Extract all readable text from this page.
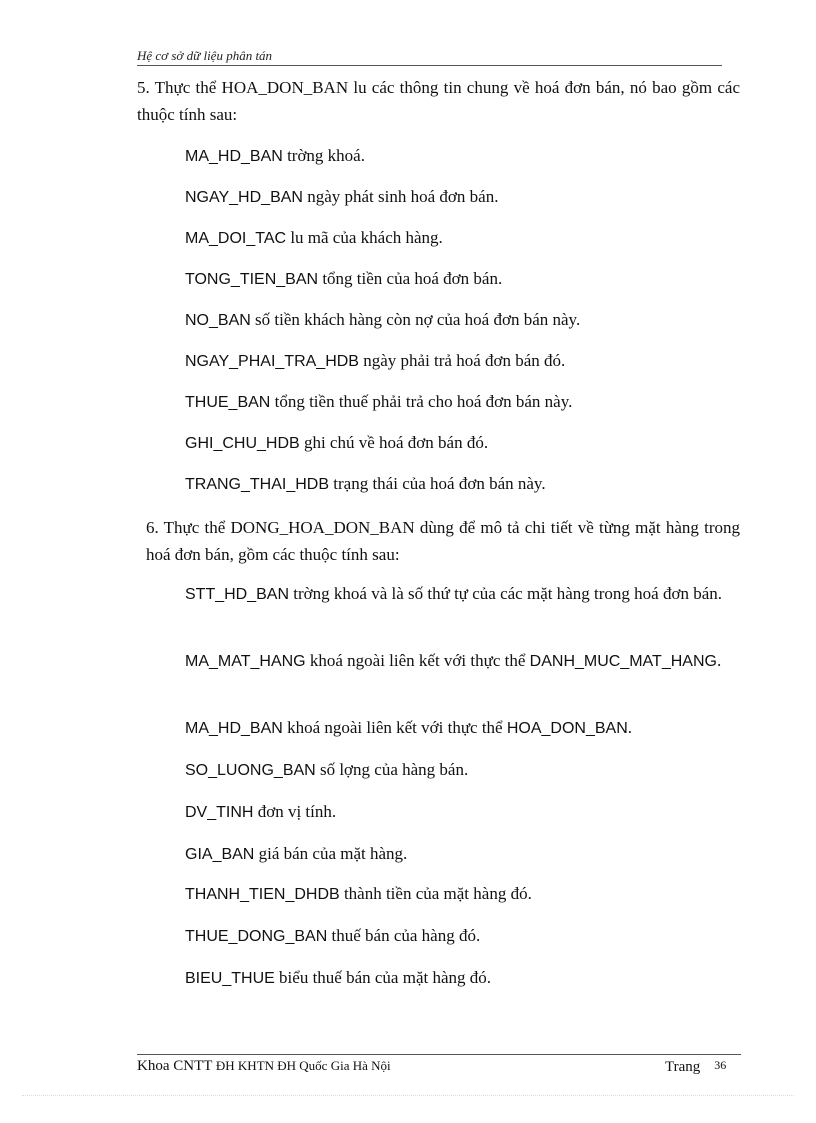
Hệ cơ sở dữ liệu phân tán
5. Thực thể HOA_DON_BAN lu các thông tin chung về hoá đơn bán, nó bao gồm các thuộc tính sau:
MA_HD_BAN trờng khoá.
NGAY_HD_BAN ngày phát sinh hoá đơn bán.
MA_DOI_TAC lu mã của khách hàng.
TONG_TIEN_BAN tổng tiền của hoá đơn bán.
NO_BAN số tiền khách hàng còn nợ của hoá đơn bán này.
NGAY_PHAI_TRA_HDB ngày phải trả hoá đơn bán đó.
THUE_BAN tổng tiền thuế phải trả cho hoá đơn bán này.
GHI_CHU_HDB ghi chú về hoá đơn bán đó.
TRANG_THAI_HDB trạng thái của hoá đơn bán này.
6. Thực thể DONG_HOA_DON_BAN dùng để mô tả chi tiết về từng mặt hàng trong hoá đơn bán, gồm các thuộc tính sau:
STT_HD_BAN trờng khoá và là số thứ tự của các mặt hàng trong hoá đơn bán.
MA_MAT_HANG khoá ngoài liên kết với thực thể DANH_MUC_MAT_HANG.
MA_HD_BAN khoá ngoài liên kết với thực thể HOA_DON_BAN.
SO_LUONG_BAN số lợng của hàng bán.
DV_TINH đơn vị tính.
GIA_BAN giá bán của mặt hàng.
THANH_TIEN_DHDB thành tiền của mặt hàng đó.
THUE_DONG_BAN thuế bán của hàng đó.
BIEU_THUE biểu thuế bán của mặt hàng đó.
Khoa CNTT ĐH KHTN ĐH Quốc Gia Hà Nội	Trang 36
